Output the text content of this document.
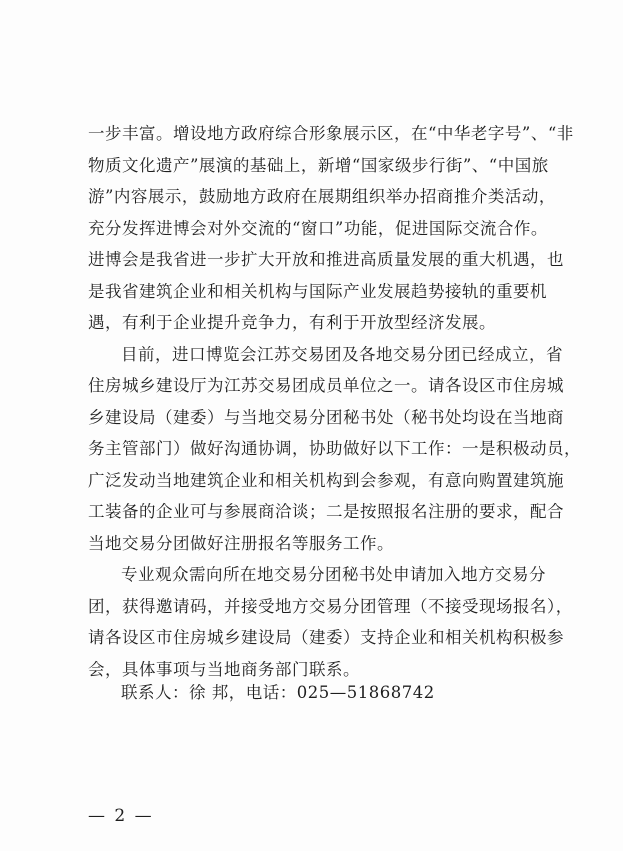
一步丰富。增设地方政府综合形象展示区，在“中华老字号”、“非
物质文化遗产”展演的基础上，新增“国家级步行街”、“中国旅
游”内容展示，鼓励地方政府在展期组织举办招商推介类活动，
充分发挥进博会对外交流的“窗口”功能，促进国际交流合作。
进博会是我省进一步扩大开放和推进高质量发展的重大机遇，也
是我省建筑企业和相关机构与国际产业发展趋势接轨的重要机
遇，有利于企业提升竞争力，有利于开放型经济发展。
目前，进口博览会江苏交易团及各地交易分团已经成立，省
住房城乡建设厅为江苏交易团成员单位之一。请各设区市住房城
乡建设局（建委）与当地交易分团秘书处（秘书处均设在当地商
务主管部门）做好沟通协调，协助做好以下工作：一是积极动员，
广泛发动当地建筑企业和相关机构到会参观，有意向购置建筑施
工装备的企业可与参展商洽谈；二是按照报名注册的要求，配合
当地交易分团做好注册报名等服务工作。
专业观众需向所在地交易分团秘书处申请加入地方交易分
团，获得邀请码，并接受地方交易分团管理（不接受现场报名），
请各设区市住房城乡建设局（建委）支持企业和相关机构积极参
会，具体事项与当地商务部门联系。
联系人：徐 邦，电话：025—51868742
— 2 —
